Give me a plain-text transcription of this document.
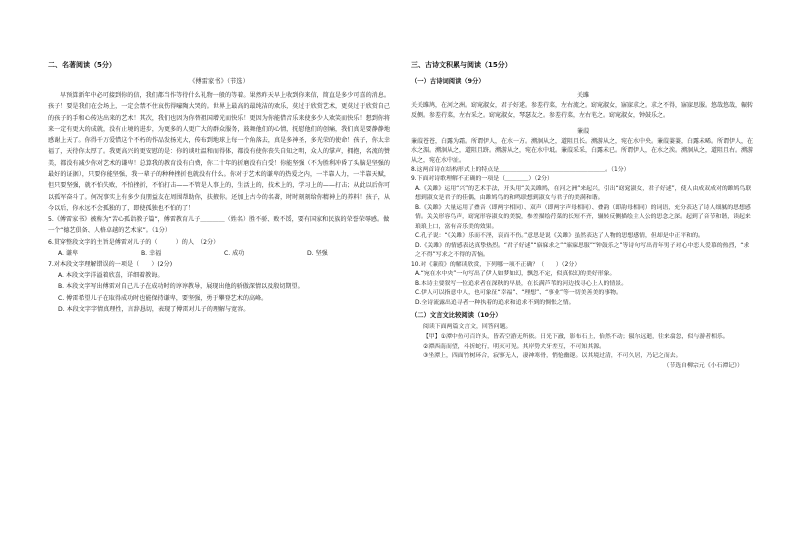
二、名著阅读（5分）
《傅雷家书》（节选）

早预算新年中必可接到你的信，我们都当作等待什么礼物一般的等着。果然昨天早上收到你来信，简直是多少可喜的消息。孩子！要是我们在会场上，一定会禁不住哀伤得嚎陶大哭的。世界上最高的最纯洁的欢乐，莫过于欣赏艺术，更莫过于欣赏自己的孩子的手和心传达出来的艺术！其次，我们也因为你替祖国增光而快乐！更因为你能借音乐来使多少人欢笑而快乐！想到你将来一定有更大的成就，没有止境的进步，为更多的人更广大的群众服务，鼓舞他们的心情，抚慰他们的创痛，我们真是要静静地感谢上天了。你得千万爱惜这个不朽的作品发扬光大，传布到地球上每一个角落去，真是多神圣，多光荣的使命！孩子，你太幸福了，天待你太厚了。我更高兴的更安慰的是：你的谈吐温和而得体，都没有使你丧失自知之明，众人的掌声，拥抱，名流的赞美，都没有减少你对艺术的谦卑！总算我的教育没有白费，你二十年的折磨没有白受！你能坚强（不为胜利冲昏了头脑是坚强的最好的证据），只要你能坚强，我一辈子的种种挫折也就没有什么。你对于艺术的谦卑的热爱之内，一半靠人力，一半靠天赋，但只要坚强，就不怕失败，不怕挫折，不怕打击——不管是人事上的，生活上的，技术上的，学习上的——打击；从此以后你可以孤军奋斗了。何况事实上有多少良朋益友在周围帮助你，扶掖你。还加上古今的名著，时时刻刻给你精神上的养料！孩子，从今以后，你永远不会孤独的了，即使孤独也不怕的了！

5.《傅雷家书》被称为“苦心孤诣教子篇”，傅雷教育儿子＿＿＿＿（姓名）胜不骄、败不馁，要有国家和民族的荣誉荣辱感。做一个“德艺俱备、人格卓越的艺术家”。（1分）

6.贯穿整段文字的主旨是傅雷对儿子的（　　　）的人　（2分）

A. 谦卑	B. 幸福	C. 成功	D. 坚强

7.对本段文字理解错误的一项是（　　）(2分)

A. 本段文字洋溢着欣喜，详细着教诲。

B. 本段文字写出傅雷对自己儿子在成功时的谆谆教导，展现出他的骄傲深情以及殷切期望。

C. 傅雷希望儿子在取得成功时也能保持谦卑，要坚强，勇于攀登艺术的高峰。

D. 本段文字字情真理性，言辞恳切，表现了傅雷对儿子的理解与宽容。

三、古诗文积累与阅读（15分）
（一）古诗词阅读（9分）
关雎

关关雎鸠，在河之洲。窈窕淑女，君子好逑。参差荇菜，左右流之。窈窕淑女，寤寐求之。求之不得，寤寐思服。悠哉悠哉，辗转反侧。参差荇菜，左右采之。窈窕淑女，琴瑟友之。参差荇菜，左右芼之。窈窕淑女，钟鼓乐之。

蒹葭

蒹葭苍苍，白露为霜。所谓伊人，在水一方。溯洄从之，道阻且长。溯游从之，宛在水中央。蒹葭萋萋，白露未晞。所谓伊人，在水之湄。溯洄从之，道阻且跻。溯游从之，宛在水中坻。蒹葭采采，白露未已。所谓伊人，在水之涘。溯洄从之，道阻且右。溯游从之，宛在水中沚。

8.这两首诗在结构形式上的特点是＿＿＿＿＿＿＿＿＿＿＿＿＿＿＿＿＿＿。（1分）

9.下面对诗歌理解不正确的一项是（＿＿＿＿）（2分）

A.《关雎》运用“兴”的艺术手法，开头用“关关雎鸠，在河之洲”来起兴，引出“窈窕淑女，君子好逑”，使人由成双成对的雎鸠鸟联想到淑女是君子的佳偶，由雎鸠鸟的和鸣联想到淑女与君子的美满和谐。

B.《关雎》大量运用了叠音（即两字相同）、双声（即两字声母相同）、叠韵（即韵母相同）的词语，充分表达了诗人细腻的思想感情。关关形容鸟声，窈窕形容淑女的美貌，参差描绘荇菜的长短不齐，辗转反侧描绘主人公的思念之深。起到了音节和谐，读起来琅琅上口，富有音乐美的效果。

C.孔子说：“《关雎》乐而不淫，哀而不伤。”意思是说《关雎》虽然表达了人物的思想感情，但却是中正平和的。

D.《关雎》的情感表达真挚热烈。“君子好逑”“寤寐求之”“寤寐思服”“钟鼓乐之”等诗句写出青年男子对心中恋人爱慕的热烈，“求之不得”写求之不得的苦恼。

10.对《蒹葭》的解读欣赏，下列哪一项不正确？（　　）（2分）

A.“宛在水中央”一句写出了伊人如梦如幻，飘忽不定，似真似幻的美好形象。

B.本诗主要叙写一位追求者在深秋的早晨，在长满芦苇的河边找寻心上人的情景。

C.伊人可以指意中人，也可象征“幸福”、“理想”、“事业”等一切美善美的事物。

D.全诗流露出追寻者一种执着的追求和追求不到的惆怅之情。

（二）文言文比较阅读（10分）

阅读下面两篇文言文，回答问题。

【甲】①潭中鱼可百许头，皆若空游无所依。日光下澈，影布石上，佁然不动；俶尔远逝，往来翕忽，似与游者相乐。

②潭西南而望，斗折蛇行，明灭可见。其岸势犬牙差互，不可知其源。

③坐潭上，四面竹树环合，寂寥无人，凄神寒骨，悄怆幽邃。以其境过清，不可久居，乃记之而去。

（节选自柳宗元《小石潭记》）
